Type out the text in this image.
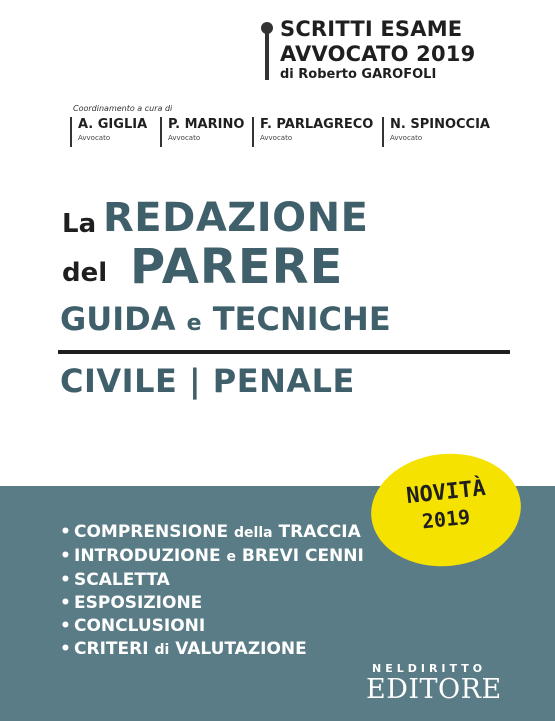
SCRITTI ESAME
AVVOCATO 2019
di Roberto GAROFOLI
Coordinamento a cura di
A. GIGLIA
Avvocato
P. MARINO
Avvocato
F. PARLAGRECO
Avvocato
N. SPINOCCIA
Avvocato
La REDAZIONE
del PARERE
GUIDA e TECNICHE
CIVILE | PENALE
• COMPRENSIONE della TRACCIA
• INTRODUZIONE e BREVI CENNI
• SCALETTA
• ESPOSIZIONE
• CONCLUSIONI
• CRITERI di VALUTAZIONE
NOVITÀ
2019
NELDIRITTO
EDITORE
